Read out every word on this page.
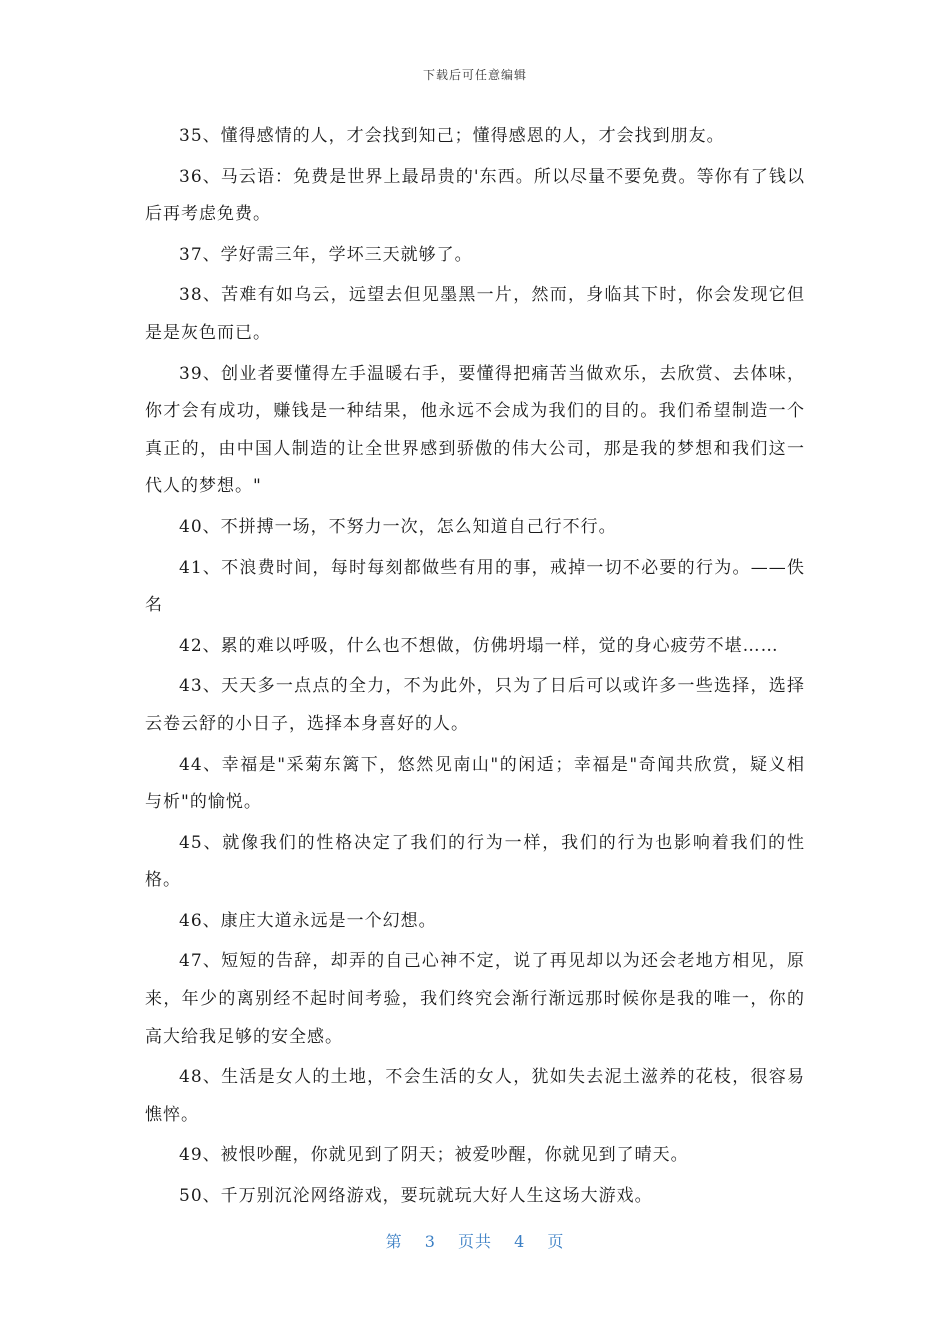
下载后可任意编辑

35、懂得感情的人，才会找到知己；懂得感恩的人，才会找到朋友。

36、马云语：免费是世界上最昂贵的'东西。所以尽量不要免费。等你有了钱以后再考虑免费。

37、学好需三年，学坏三天就够了。

38、苦难有如乌云，远望去但见墨黑一片，然而，身临其下时，你会发现它但是是灰色而已。

39、创业者要懂得左手温暖右手，要懂得把痛苦当做欢乐，去欣赏、去体味，你才会有成功，赚钱是一种结果，他永远不会成为我们的目的。我们希望制造一个真正的，由中国人制造的让全世界感到骄傲的伟大公司，那是我的梦想和我们这一代人的梦想。"

40、不拼搏一场，不努力一次，怎么知道自己行不行。

41、不浪费时间，每时每刻都做些有用的事，戒掉一切不必要的行为。——佚名

42、累的难以呼吸，什么也不想做，仿佛坍塌一样，觉的身心疲劳不堪……

43、天天多一点点的全力，不为此外，只为了日后可以或许多一些选择，选择云卷云舒的小日子，选择本身喜好的人。

44、幸福是"采菊东篱下，悠然见南山"的闲适；幸福是"奇闻共欣赏，疑义相与析"的愉悦。

45、就像我们的性格决定了我们的行为一样，我们的行为也影响着我们的性格。

46、康庄大道永远是一个幻想。

47、短短的告辞，却弄的自己心神不定，说了再见却以为还会老地方相见，原来，年少的离别经不起时间考验，我们终究会渐行渐远那时候你是我的唯一，你的高大给我足够的安全感。

48、生活是女人的土地，不会生活的女人，犹如失去泥土滋养的花枝，很容易憔悴。

49、被恨吵醒，你就见到了阴天；被爱吵醒，你就见到了晴天。

50、千万别沉沦网络游戏，要玩就玩大好人生这场大游戏。

第 3 页共 4 页
